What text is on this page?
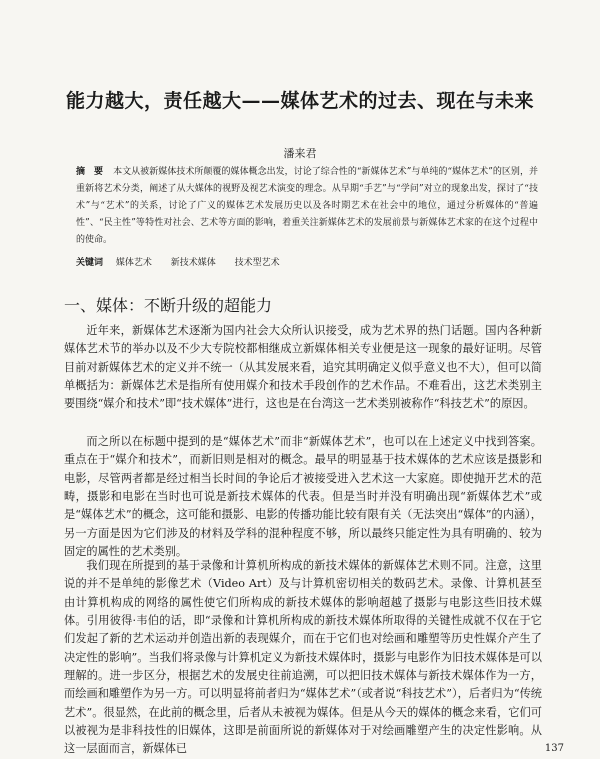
能力越大，责任越大——媒体艺术的过去、现在与未来
潘来君
摘　要 本文从被新媒体技术所颠覆的媒体概念出发，讨论了综合性的“新媒体艺术”与单纯的“媒体艺术”的区别，并重新将艺术分类，阐述了从大媒体的视野及视艺术演变的理念。从早期“手艺”与“学问”对立的现象出发，探讨了“技术”与“艺术”的关系，讨论了广义的媒体艺术发展历史以及各时期艺术在社会中的地位，通过分析媒体的“普遍性”、“民主性”等特性对社会、艺术等方面的影响，着重关注新媒体艺术的发展前景与新媒体艺术家的在这个过程中的使命。
关键词 媒体艺术 新技术媒体 技术型艺术
一、媒体：不断升级的超能力

近年来，新媒体艺术逐渐为国内社会大众所认识接受，成为艺术界的热门话题。国内各种新媒体艺术节的举办以及不少大专院校都相继成立新媒体相关专业便是这一现象的最好证明。尽管目前对新媒体艺术的定义并不统一（从其发展来看，追究其明确定义似乎意义也不大），但可以简单概括为：新媒体艺术是指所有使用媒介和技术手段创作的艺术作品。不难看出，这艺术类别主要围绕“媒介和技术”即“技术媒体”进行，这也是在台湾这一艺术类别被称作“科技艺术”的原因。

而之所以在标题中提到的是“媒体艺术”而非“新媒体艺术”，也可以在上述定义中找到答案。重点在于“媒介和技术”，而新旧则是相对的概念。最早的明显基于技术媒体的艺术应该是摄影和电影，尽管两者都是经过相当长时间的争论后才被接受进入艺术这一大家庭。即使抛开艺术的范畴，摄影和电影在当时也可说是新技术媒体的代表。但是当时并没有明确出现“新媒体艺术”或是“媒体艺术”的概念，这可能和摄影、电影的传播功能比较有限有关（无法突出“媒体”的内涵），另一方面是因为它们涉及的材料及学科的混种程度不够，所以最终只能定性为具有明确的、较为固定的属性的艺术类别。

我们现在所提到的基于录像和计算机所构成的新技术媒体的新媒体艺术则不同。注意，这里说的并不是单纯的影像艺术（Video Art）及与计算机密切相关的数码艺术。录像、计算机甚至由计算机构成的网络的属性使它们所构成的新技术媒体的影响超越了摄影与电影这些旧技术媒体。引用彼得·韦伯的话，即“录像和计算机所构成的新技术媒体所取得的关键性成就不仅在于它们发起了新的艺术运动并创造出新的表现媒介，而在于它们也对绘画和雕塑等历史性媒介产生了决定性的影响”。当我们将录像与计算机定义为新技术媒体时，摄影与电影作为旧技术媒体是可以理解的。进一步区分，根据艺术的发展史往前追溯，可以把旧技术媒体与新技术媒体作为一方，而绘画和雕塑作为另一方。可以明显将前者归为“媒体艺术”（或者说“科技艺术”），后者归为“传统艺术”。很显然，在此前的概念里，后者从未被视为媒体。但是从今天的媒体的概念来看，它们可以被视为是非科技性的旧媒体，这即是前面所说的新媒体对于对绘画雕塑产生的决定性影响。从这一层面而言，新媒体已	137
